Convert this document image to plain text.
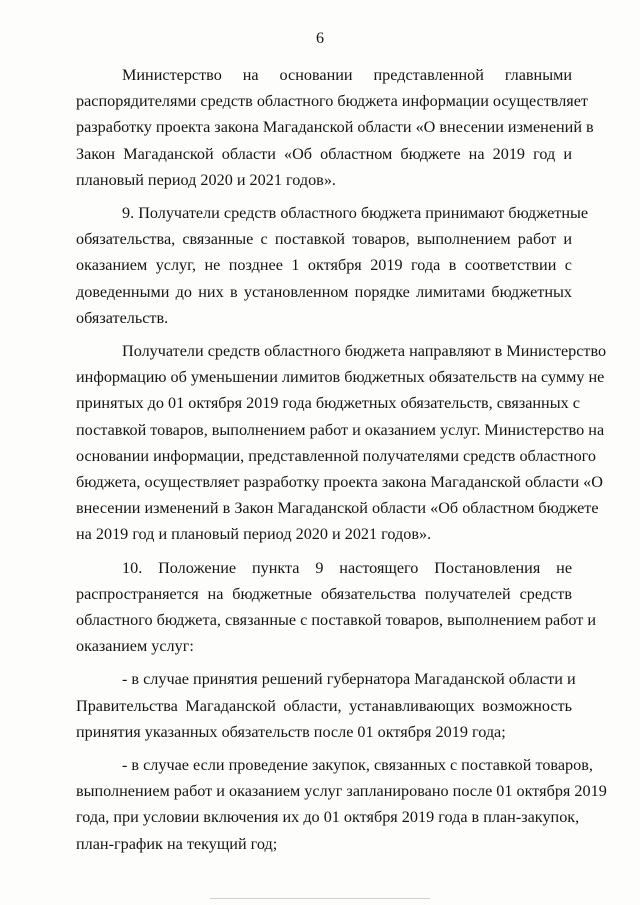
6

Министерство на основании представленной главными
распорядителями средств областного бюджета информации осуществляет
разработку проекта закона Магаданской области «О внесении изменений в
Закон Магаданской области «Об областном бюджете на 2019 год и
плановый период 2020 и 2021 годов».

9. Получатели средств областного бюджета принимают бюджетные
обязательства, связанные с поставкой товаров, выполнением работ и
оказанием услуг, не позднее 1 октября 2019 года в соответствии с
доведенными до них в установленном порядке лимитами бюджетных
обязательств.

Получатели средств областного бюджета направляют в Министерство
информацию об уменьшении лимитов бюджетных обязательств на сумму не
принятых до 01 октября 2019 года бюджетных обязательств, связанных с
поставкой товаров, выполнением работ и оказанием услуг. Министерство на
основании информации, представленной получателями средств областного
бюджета, осуществляет разработку проекта закона Магаданской области «О
внесении изменений в Закон Магаданской области «Об областном бюджете
на 2019 год и плановый период 2020 и 2021 годов».

10. Положение пункта 9 настоящего Постановления не
распространяется на бюджетные обязательства получателей средств
областного бюджета, связанные с поставкой товаров, выполнением работ и
оказанием услуг:

- в случае принятия решений губернатора Магаданской области и
Правительства Магаданской области, устанавливающих возможность
принятия указанных обязательств после 01 октября 2019 года;

- в случае если проведение закупок, связанных с поставкой товаров,
выполнением работ и оказанием услуг запланировано после 01 октября 2019
года, при условии включения их до 01 октября 2019 года в план-закупок,
план-график на текущий год;
